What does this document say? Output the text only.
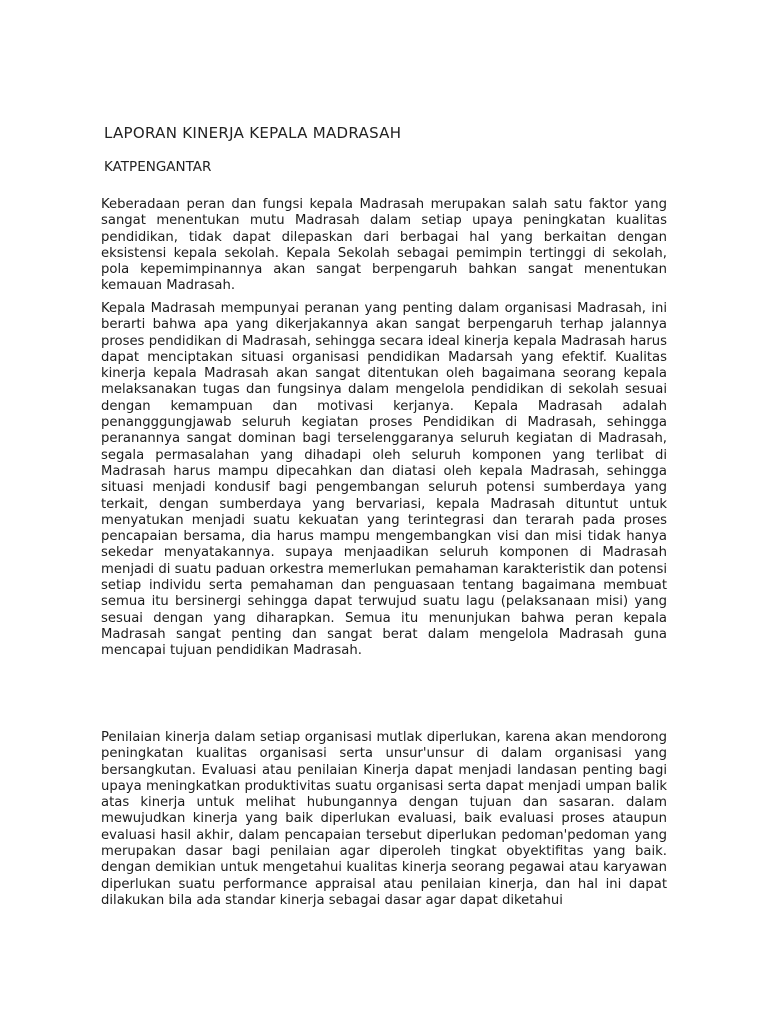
LAPORAN KINERJA KEPALA MADRASAH
KATPENGANTAR
Keberadaan peran dan fungsi kepala Madrasah merupakan salah satu faktor yang sangat menentukan mutu Madrasah dalam setiap upaya peningkatan kualitas pendidikan, tidak dapat dilepaskan dari berbagai hal yang berkaitan dengan eksistensi kepala sekolah. Kepala Sekolah sebagai pemimpin tertinggi di sekolah, pola kepemimpinannya akan sangat berpengaruh bahkan sangat menentukan kemauan Madrasah.
Kepala Madrasah mempunyai peranan yang penting dalam organisasi Madrasah, ini berarti bahwa apa yang dikerjakannya akan sangat berpengaruh terhap jalannya proses pendidikan di Madrasah, sehingga secara ideal kinerja kepala Madrasah harus dapat menciptakan situasi organisasi pendidikan Madarsah yang efektif. Kualitas kinerja kepala Madrasah akan sangat ditentukan oleh bagaimana seorang kepala melaksanakan tugas dan fungsinya dalam mengelola pendidikan di sekolah sesuai dengan kemampuan dan motivasi kerjanya. Kepala Madrasah adalah penangggungjawab seluruh kegiatan proses Pendidikan di Madrasah, sehingga peranannya sangat dominan bagi terselenggaranya seluruh kegiatan di Madrasah, segala permasalahan yang dihadapi oleh seluruh komponen yang terlibat di Madrasah harus mampu dipecahkan dan diatasi oleh kepala Madrasah, sehingga situasi menjadi kondusif bagi pengembangan seluruh potensi sumberdaya yang terkait, dengan sumberdaya yang bervariasi, kepala Madrasah dituntut untuk menyatukan menjadi suatu kekuatan yang terintegrasi dan terarah pada proses pencapaian bersama, dia harus mampu mengembangkan visi dan misi tidak hanya sekedar menyatakannya. supaya menjaadikan seluruh komponen di Madrasah menjadi di suatu paduan orkestra memerlukan pemahaman karakteristik dan potensi setiap individu serta pemahaman dan penguasaan tentang bagaimana membuat semua itu bersinergi sehingga dapat terwujud suatu lagu (pelaksanaan misi) yang sesuai dengan yang diharapkan. Semua itu menunjukan bahwa peran kepala Madrasah sangat penting dan sangat berat dalam mengelola Madrasah guna mencapai tujuan pendidikan Madrasah.
Penilaian kinerja dalam setiap organisasi mutlak diperlukan, karena akan mendorong peningkatan kualitas organisasi serta unsur'unsur di dalam organisasi yang bersangkutan. Evaluasi atau penilaian Kinerja dapat menjadi landasan penting bagi upaya meningkatkan produktivitas suatu organisasi serta dapat menjadi umpan balik atas kinerja untuk melihat hubungannya dengan tujuan dan sasaran. dalam mewujudkan kinerja yang baik diperlukan evaluasi, baik evaluasi proses ataupun evaluasi hasil akhir, dalam pencapaian tersebut diperlukan pedoman'pedoman yang merupakan dasar bagi penilaian agar diperoleh tingkat obyektifitas yang baik. dengan demikian untuk mengetahui kualitas kinerja seorang pegawai atau karyawan diperlukan suatu performance appraisal atau penilaian kinerja, dan hal ini dapat dilakukan bila ada standar kinerja sebagai dasar agar dapat diketahui
